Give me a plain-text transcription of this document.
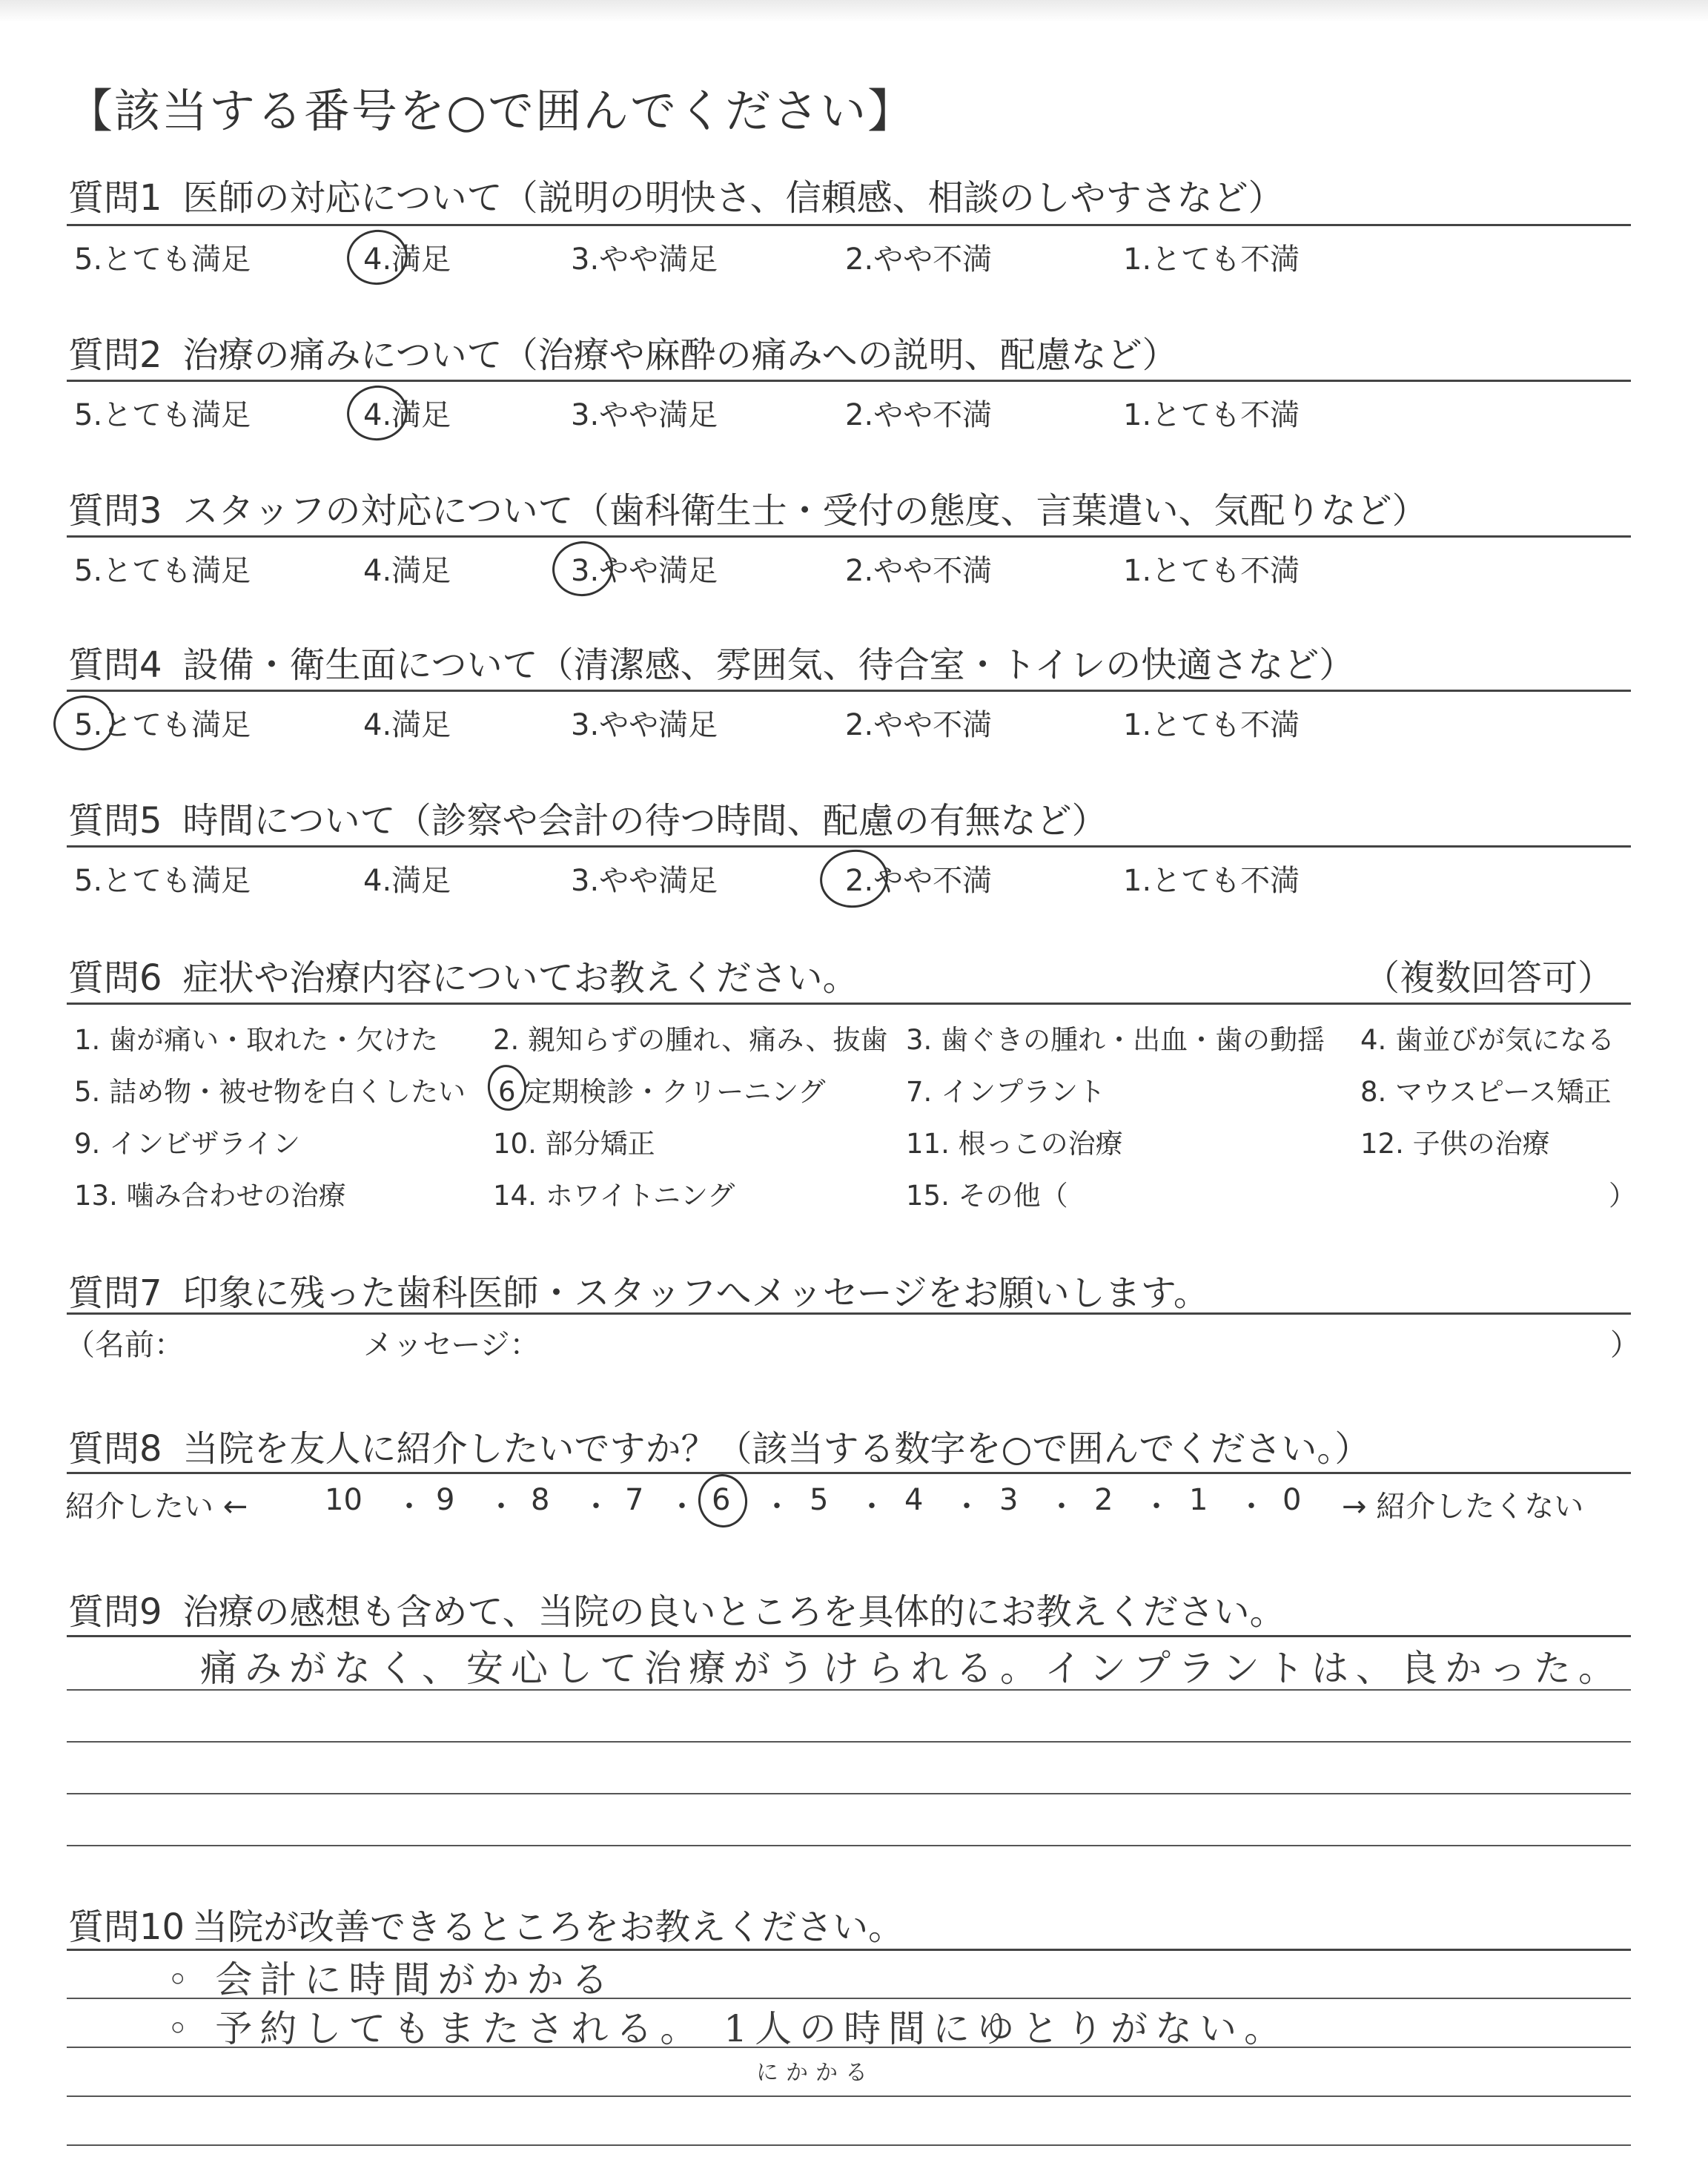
【該当する番号を○で囲んでください】
質問1 医師の対応について（説明の明快さ、信頼感、相談のしやすさなど）
5.とても満足	4.満足	3.やや満足	2.やや不満	1.とても不満
質問2 治療の痛みについて（治療や麻酔の痛みへの説明、配慮など）
5.とても満足	4.満足	3.やや満足	2.やや不満	1.とても不満
質問3 スタッフの対応について（歯科衛生士・受付の態度、言葉遣い、気配りなど）
5.とても満足	4.満足	3.やや満足	2.やや不満	1.とても不満
質問4 設備・衛生面について（清潔感、雰囲気、待合室・トイレの快適さなど）
5.とても満足	4.満足	3.やや満足	2.やや不満	1.とても不満
質問5 時間について（診察や会計の待つ時間、配慮の有無など）
5.とても満足	4.満足	3.やや満足	2.やや不満	1.とても不満
質問6 症状や治療内容についてお教えください。	（複数回答可）
1. 歯が痛い・取れた・欠けた 2. 親知らずの腫れ、痛み、抜歯 3. 歯ぐきの腫れ・出血・歯の動揺 4. 歯並びが気になる
5. 詰め物・被せ物を白くしたい 6 定期検診・クリーニング	7. インプラント	8. マウスピース矯正
9. インビザライン	10. 部分矯正	11. 根っこの治療	12. 子供の治療
13. 噛み合わせの治療	14. ホワイトニング	15. その他（	）
質問7 印象に残った歯科医師・スタッフへメッセージをお願いします。
（名前：	メッセージ：	）
質問8 当院を友人に紹介したいですか？（該当する数字を○で囲んでください。）
紹介したい ←	10 ・ 9 ・ 8 ・ 7 ・ 6 ・ 5 ・ 4 ・ 3 ・ 2 ・ 1 ・ 0 → 紹介したくない
質問9 治療の感想も含めて、当院の良いところを具体的にお教えください。
痛みがなく、安心して治療がうけられる。インプラントは、良かった。
質問10 当院が改善できるところをお教えください。
◦ 会計に時間がかかる
◦ 予約してもまたされる。 1人の時間にゆとりがない。
にかかる
